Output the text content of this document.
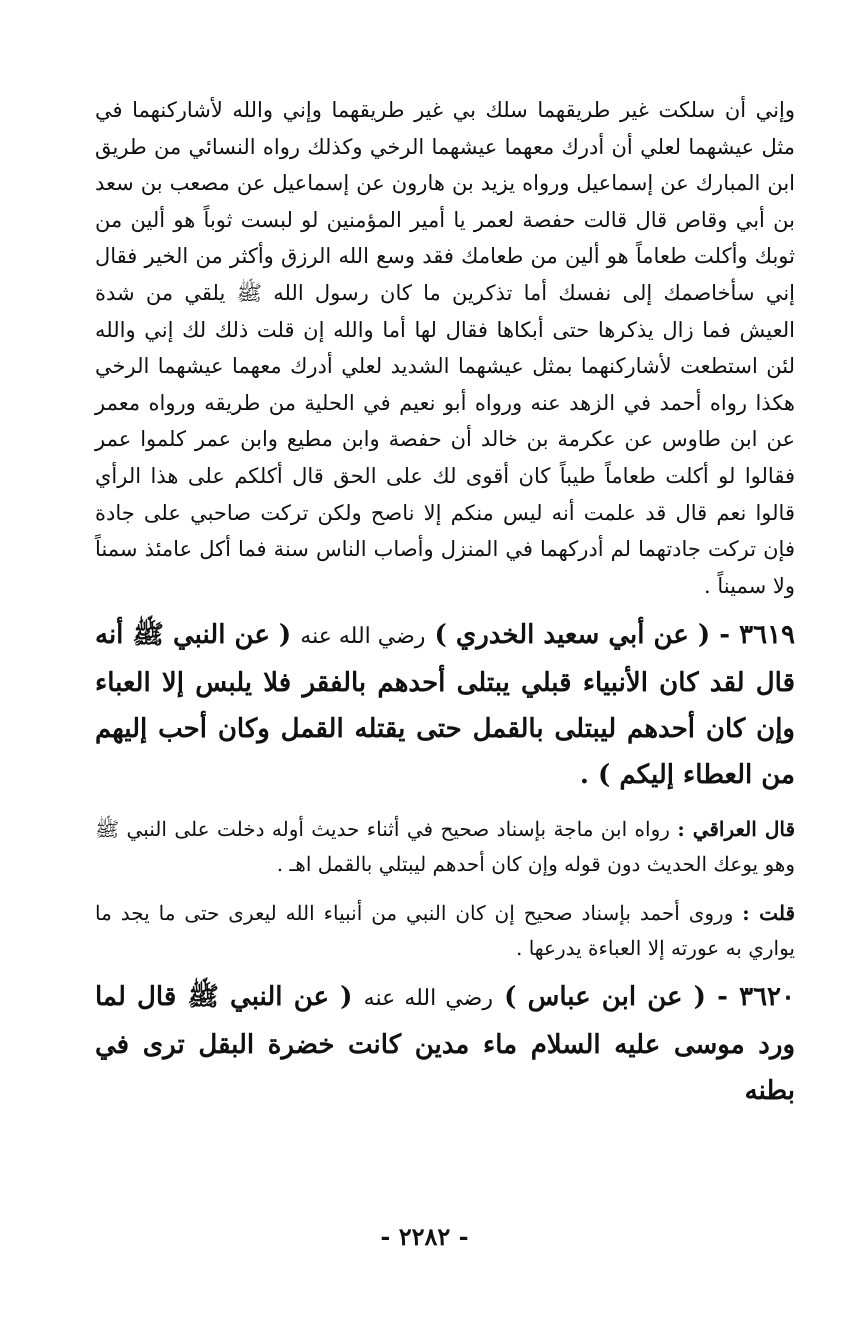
وإني أن سلكت غير طريقهما سلك بي غير طريقهما وإني والله لأشاركنهما في مثل عيشهما لعلي أن أدرك معهما عيشهما الرخي وكذلك رواه النسائي من طريق ابن المبارك عن إسماعيل ورواه يزيد بن هارون عن إسماعيل عن مصعب بن سعد بن أبي وقاص قال قالت حفصة لعمر يا أمير المؤمنين لو لبست ثوباً هو ألين من ثوبك وأكلت طعاماً هو ألين من طعامك فقد وسع الله الرزق وأكثر من الخير فقال إني سأخاصمك إلى نفسك أما تذكرين ما كان رسول الله ﷺ يلقي من شدة العيش فما زال يذكرها حتى أبكاها فقال لها أما والله إن قلت ذلك لك إني والله لئن استطعت لأشاركنهما بمثل عيشهما الشديد لعلي أدرك معهما عيشهما الرخي هكذا رواه أحمد في الزهد عنه ورواه أبو نعيم في الحلية من طريقه ورواه معمر عن ابن طاوس عن عكرمة بن خالد أن حفصة وابن مطيع وابن عمر كلموا عمر فقالوا لو أكلت طعاماً طيباً كان أقوى لك على الحق قال أكلكم على هذا الرأي قالوا نعم قال قد علمت أنه ليس منكم إلا ناصح ولكن تركت صاحبي على جادة فإن تركت جادتهما لم أدركهما في المنزل وأصاب الناس سنة فما أكل عامئذ سمناً ولا سميناً .

٣٦١٩ - ( عن أبي سعيد الخدري ) رضي الله عنه ( عن النبي ﷺ أنه قال لقد كان الأنبياء قبلي يبتلى أحدهم بالفقر فلا يلبس إلا العباء وإن كان أحدهم ليبتلى بالقمل حتى يقتله القمل وكان أحب إليهم من العطاء إليكم ) .

قال العراقي : رواه ابن ماجة بإسناد صحيح في أثناء حديث أوله دخلت على النبي ﷺ وهو يوعك الحديث دون قوله وإن كان أحدهم ليبتلي بالقمل اهـ .

قلت : وروى أحمد بإسناد صحيح إن كان النبي من أنبياء الله ليعرى حتى ما يجد ما يواري به عورته إلا العباءة يدرعها .

٣٦٢٠ - ( عن ابن عباس ) رضي الله عنه ( عن النبي ﷺ قال لما ورد موسى عليه السلام ماء مدين كانت خضرة البقل ترى في بطنه

- ٢٢٨٢ -
